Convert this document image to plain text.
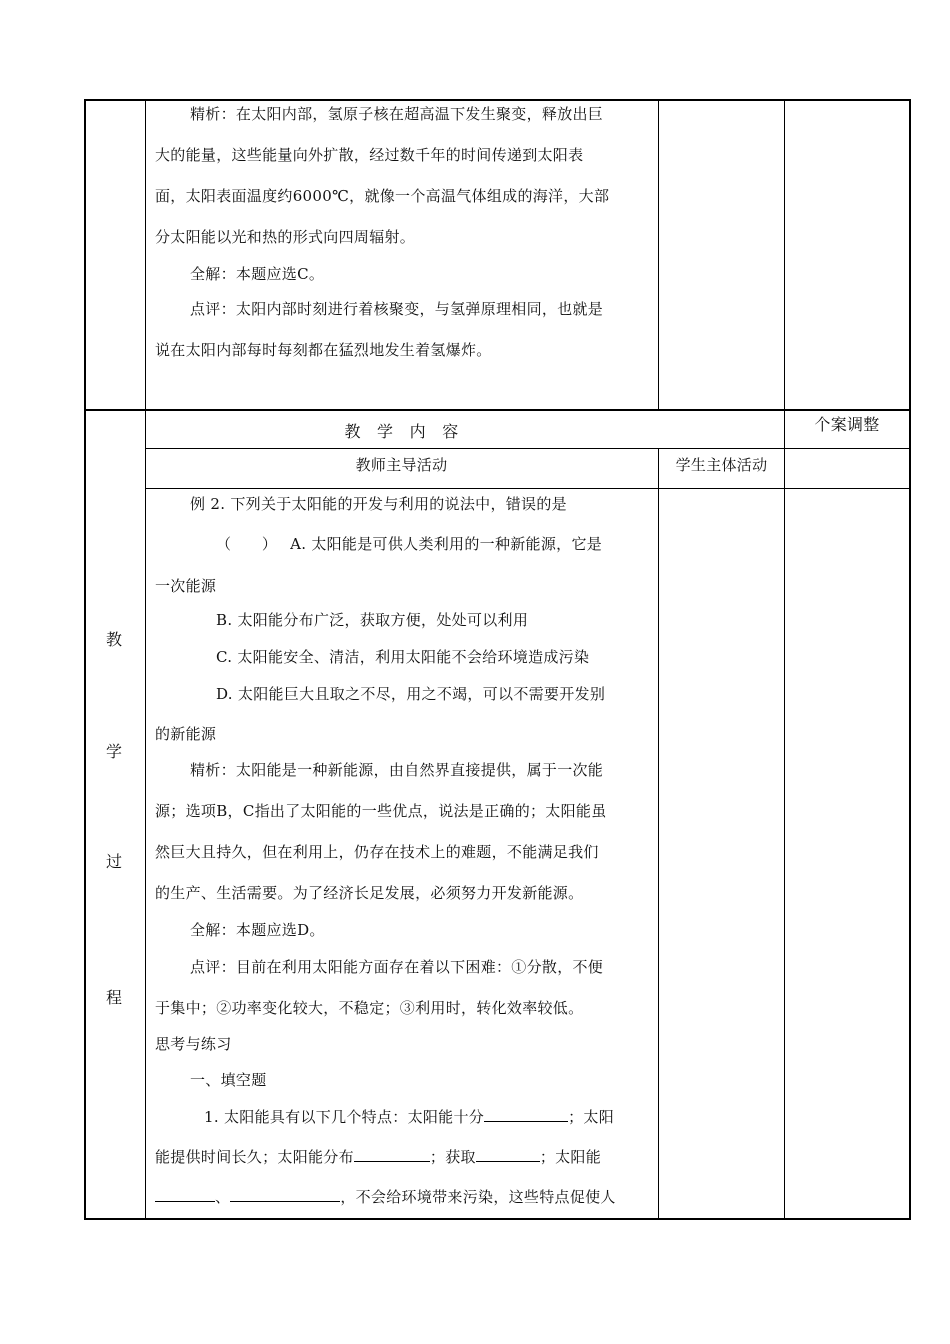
精析：在太阳内部，氢原子核在超高温下发生聚变，释放出巨
大的能量，这些能量向外扩散，经过数千年的时间传递到太阳表
面，太阳表面温度约6000℃，就像一个高温气体组成的海洋，大部
分太阳能以光和热的形式向四周辐射。
全解：本题应选C。
点评：太阳内部时刻进行着核聚变，与氢弹原理相同，也就是
说在太阳内部每时每刻都在猛烈地发生着氢爆炸。
教　学　内　容	个案调整
教师主导活动	学生主体活动
教
学
过
程
例 2. 下列关于太阳能的开发与利用的说法中，错误的是
（　　）　 A. 太阳能是可供人类利用的一种新能源，它是
一次能源
B. 太阳能分布广泛，获取方便，处处可以利用
C. 太阳能安全、清洁，利用太阳能不会给环境造成污染
D. 太阳能巨大且取之不尽，用之不竭，可以不需要开发别
的新能源
精析：太阳能是一种新能源，由自然界直接提供，属于一次能
源；选项B，C指出了太阳能的一些优点，说法是正确的；太阳能虽
然巨大且持久，但在利用上，仍存在技术上的难题，不能满足我们
的生产、生活需要。为了经济长足发展，必须努力开发新能源。
全解：本题应选D。
点评：目前在利用太阳能方面存在着以下困难：①分散，不便
于集中；②功率变化较大，不稳定；③利用时，转化效率较低。
思考与练习
一、填空题
1. 太阳能具有以下几个特点：太阳能十分	；太阳
能提供时间长久；太阳能分布	；获取	；太阳能
、	，不会给环境带来污染，这些特点促使人
